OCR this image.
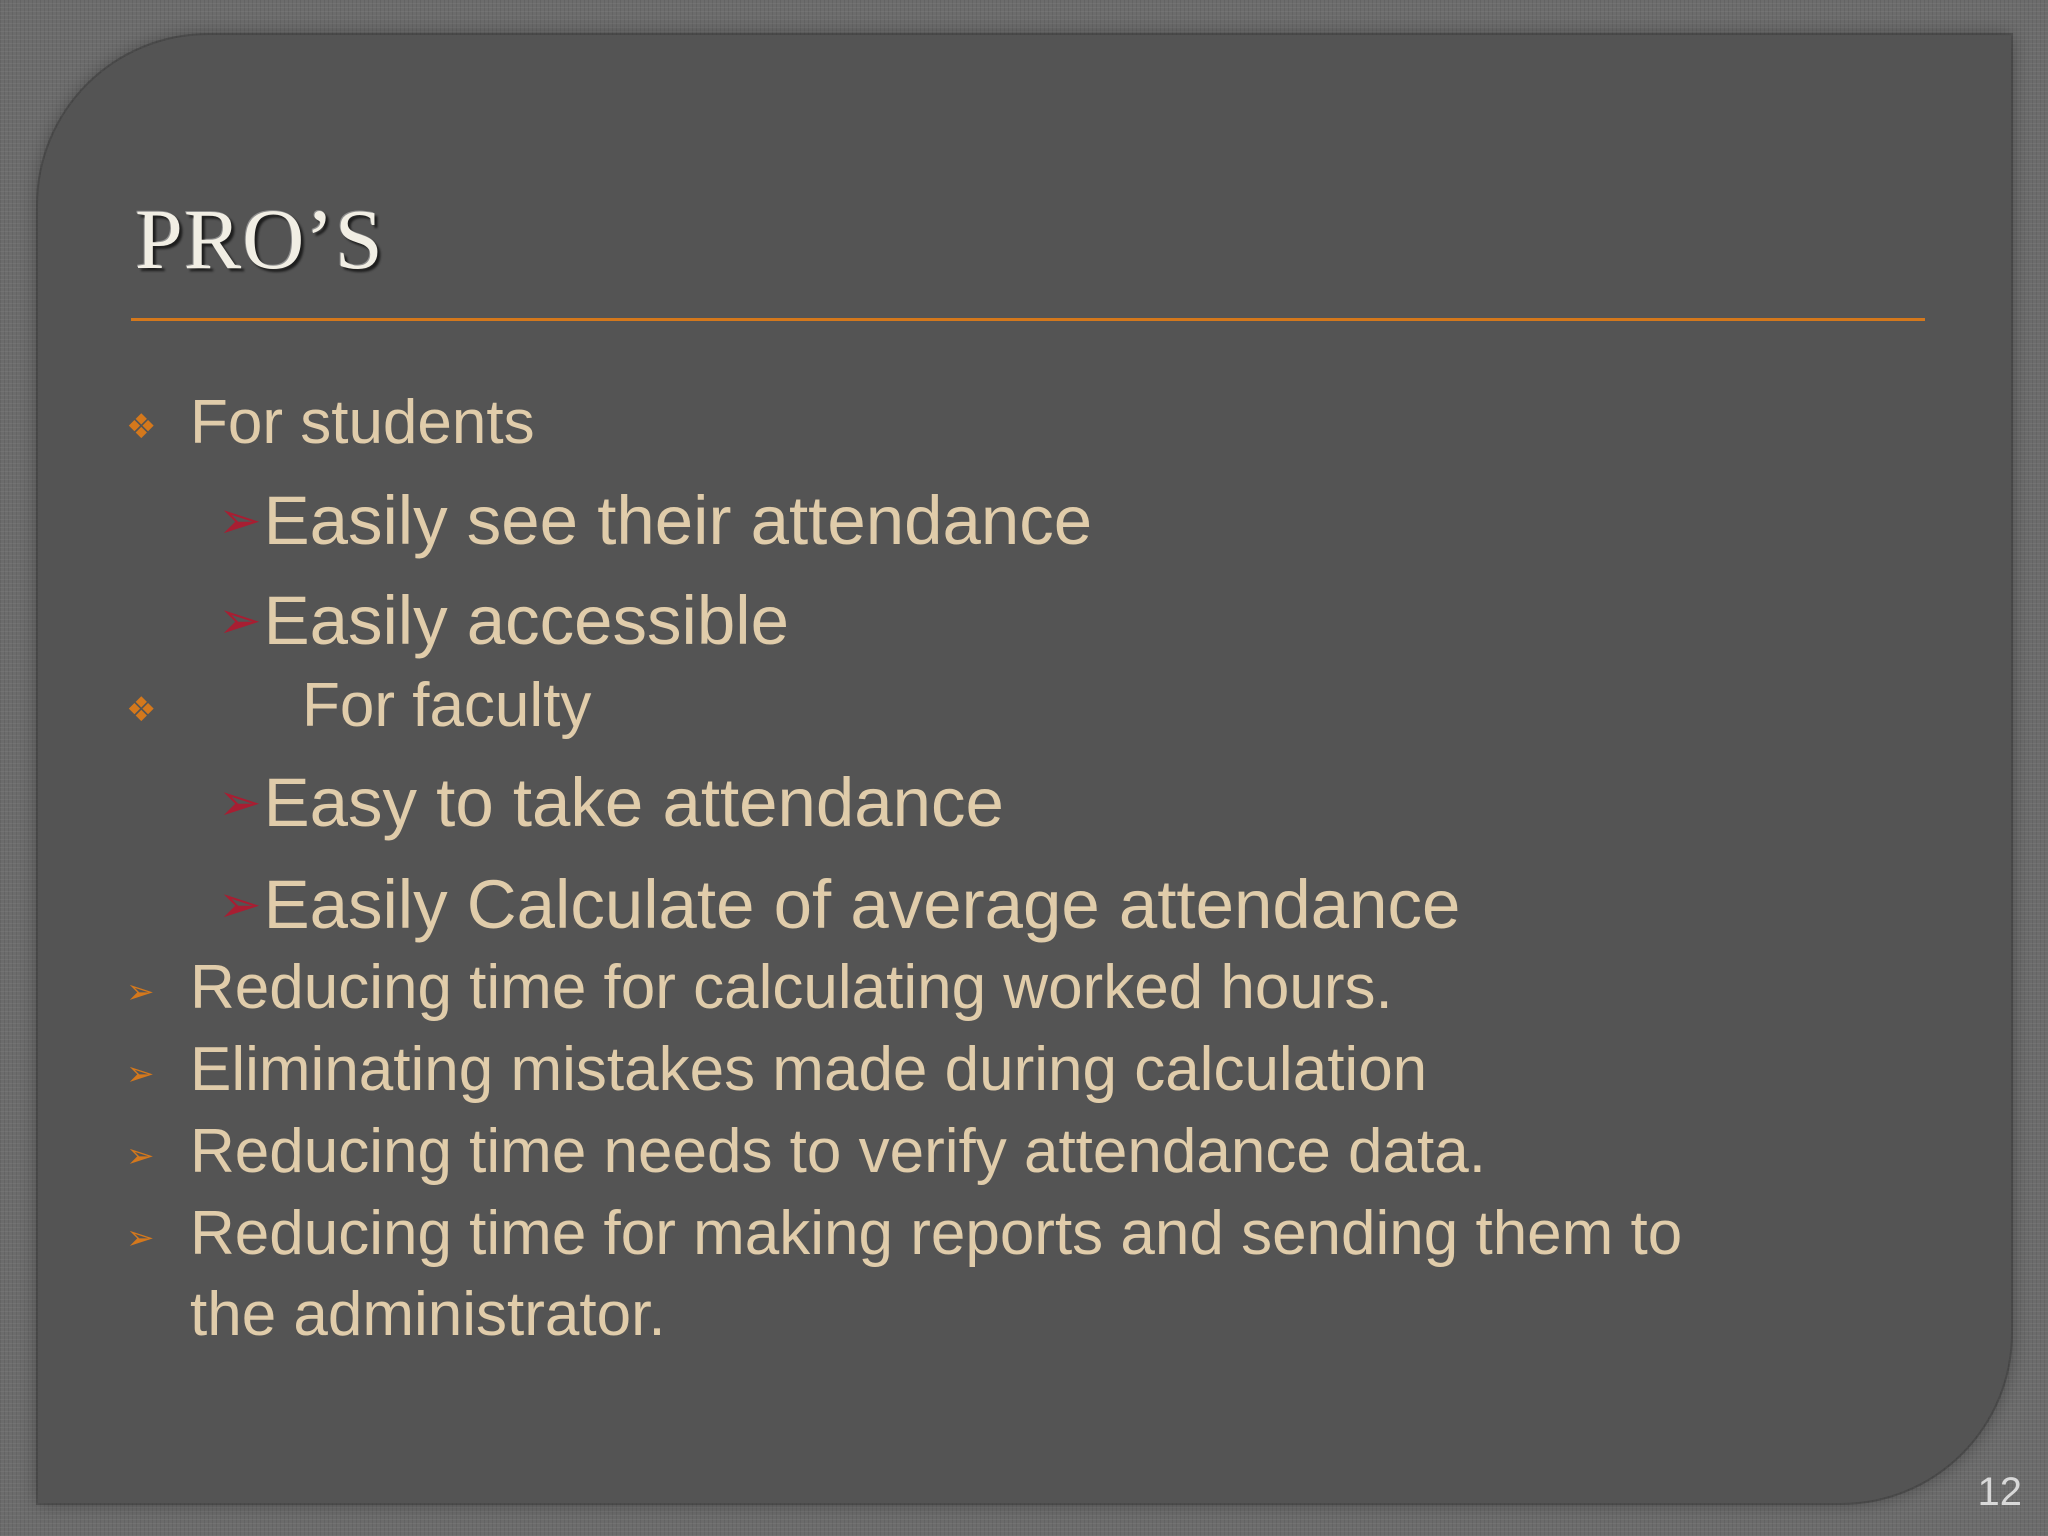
PRO’S
❖ For students
➢Easily see their attendance
➢Easily accessible
❖ For faculty
➢Easy to take attendance
➢Easily Calculate of average attendance
➢ Reducing time for calculating worked hours.
➢ Eliminating mistakes made during calculation
➢ Reducing time needs to verify attendance data.
➢ Reducing time for making reports and sending them to
the administrator.
12
